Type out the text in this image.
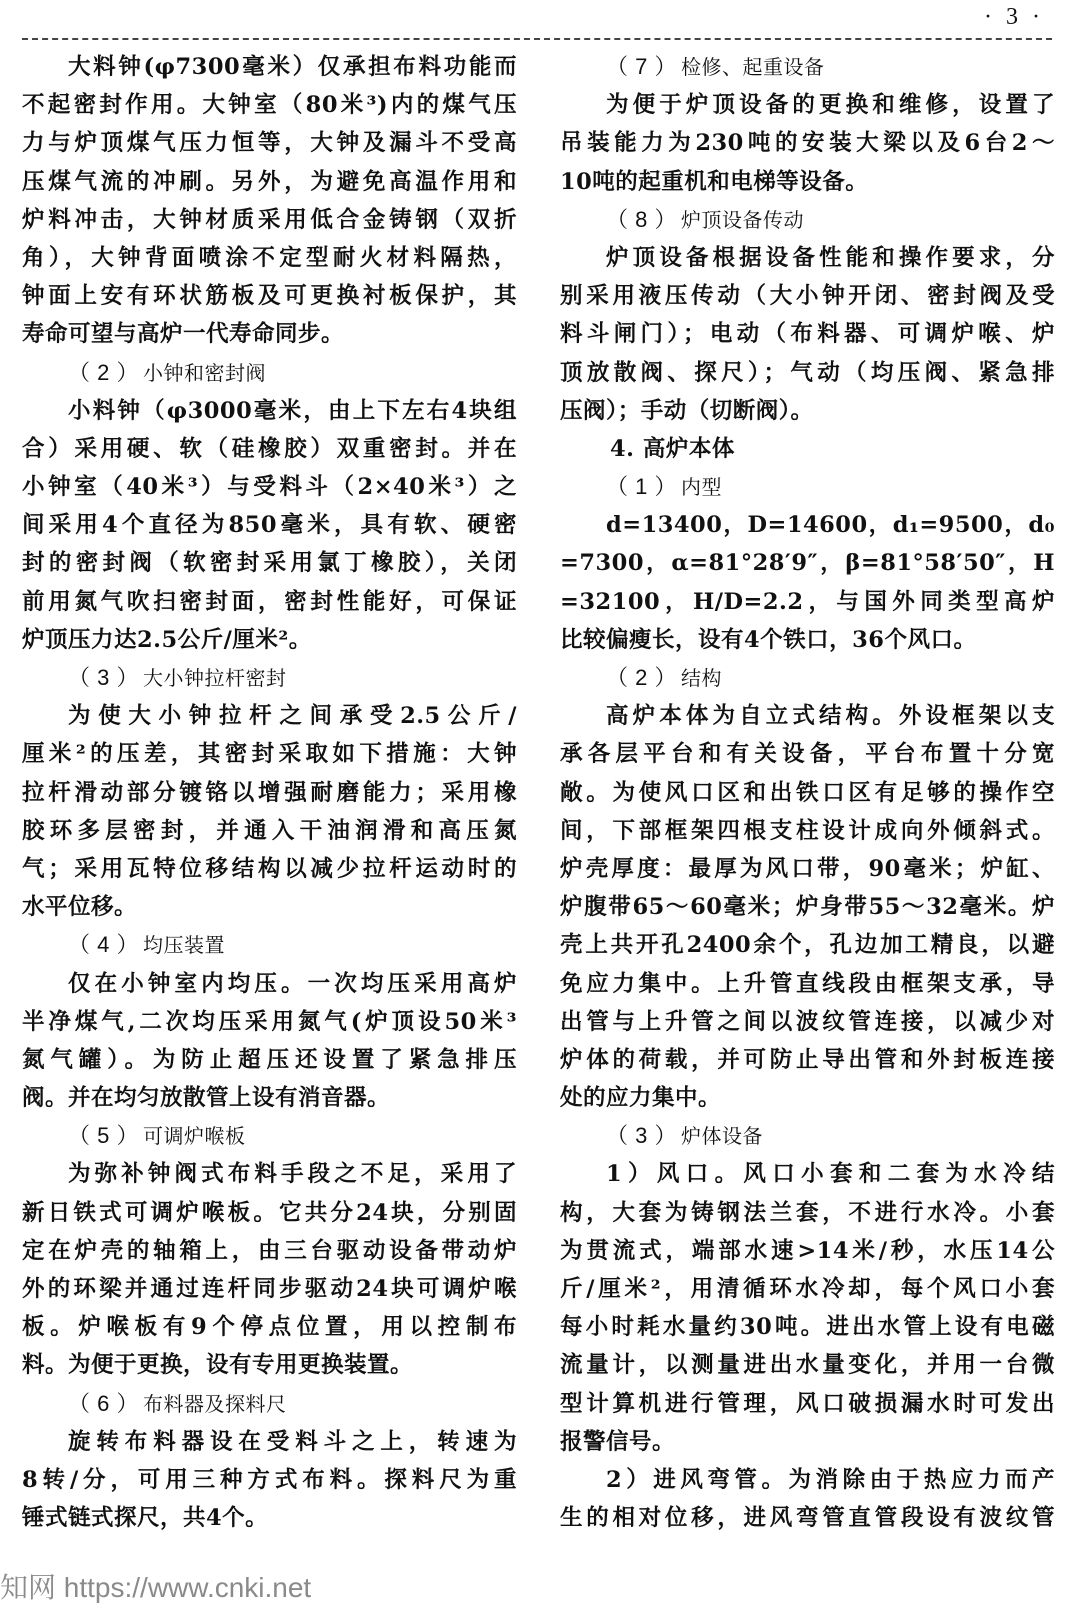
· 3 ·
大料钟(φ7300毫米）仅承担布料功能而
不起密封作用。大钟室（80米³)内的煤气压
力与炉顶煤气压力恒等，大钟及漏斗不受高
压煤气流的冲刷。另外，为避免高温作用和
炉料冲击，大钟材质采用低合金铸钢（双折
角），大钟背面喷涂不定型耐火材料隔热，
钟面上安有环状筋板及可更换衬板保护，其
寿命可望与高炉一代寿命同步。
（ 2 ） 小钟和密封阀
小料钟（φ3000毫米，由上下左右4块组
合）采用硬、软（硅橡胶）双重密封。并在
小钟室（40米³）与受料斗（2×40米³）之
间采用4个直径为850毫米，具有软、硬密
封的密封阀（软密封采用氯丁橡胶），关闭
前用氮气吹扫密封面，密封性能好，可保证
炉顶压力达2.5公斤/厘米²。
（ 3 ） 大小钟拉杆密封
为使大小钟拉杆之间承受2.5公斤/
厘米²的压差，其密封采取如下措施：大钟
拉杆滑动部分镀铬以增强耐磨能力；采用橡
胶环多层密封，并通入干油润滑和高压氮
气；采用瓦特位移结构以减少拉杆运动时的
水平位移。
（ 4 ） 均压装置
仅在小钟室内均压。一次均压采用高炉
半净煤气,二次均压采用氮气(炉顶设50米³
氮气罐）。为防止超压还设置了紧急排压
阀。并在均匀放散管上设有消音器。
（ 5 ） 可调炉喉板
为弥补钟阀式布料手段之不足，采用了
新日铁式可调炉喉板。它共分24块，分别固
定在炉壳的轴箱上，由三台驱动设备带动炉
外的环梁并通过连杆同步驱动24块可调炉喉
板。炉喉板有9个停点位置，用以控制布
料。为便于更换，设有专用更换装置。
（ 6 ） 布料器及探料尺
旋转布料器设在受料斗之上，转速为
8转/分，可用三种方式布料。探料尺为重
锤式链式探尺，共4个。
（ 7 ） 检修、起重设备
为便于炉顶设备的更换和维修，设置了
吊装能力为230吨的安装大梁以及6台2～
10吨的起重机和电梯等设备。
（ 8 ） 炉顶设备传动
炉顶设备根据设备性能和操作要求，分
别采用液压传动（大小钟开闭、密封阀及受
料斗闸门）；电动（布料器、可调炉喉、炉
顶放散阀、探尺）；气动（均压阀、紧急排
压阀）；手动（切断阀）。
4. 高炉本体
（ 1 ） 内型
d=13400，D=14600，d₁=9500，d₀
=7300，α=81°28′9″，β=81°58′50″，H
=32100，H/D=2.2，与国外同类型高炉
比较偏瘦长，设有4个铁口，36个风口。
（ 2 ） 结构
高炉本体为自立式结构。外设框架以支
承各层平台和有关设备，平台布置十分宽
敞。为使风口区和出铁口区有足够的操作空
间，下部框架四根支柱设计成向外倾斜式。
炉壳厚度：最厚为风口带，90毫米；炉缸、
炉腹带65～60毫米；炉身带55～32毫米。炉
壳上共开孔2400余个，孔边加工精良，以避
免应力集中。上升管直线段由框架支承，导
出管与上升管之间以波纹管连接，以减少对
炉体的荷载，并可防止导出管和外封板连接
处的应力集中。
（ 3 ） 炉体设备
1）风口。风口小套和二套为水冷结
构，大套为铸钢法兰套，不进行水冷。小套
为贯流式，端部水速>14米/秒，水压14公
斤/厘米²，用清循环水冷却，每个风口小套
每小时耗水量约30吨。进出水管上设有电磁
流量计，以测量进出水量变化，并用一台微
型计算机进行管理，风口破损漏水时可发出
报警信号。
2）进风弯管。为消除由于热应力而产
生的相对位移，进风弯管直管段设有波纹管
知网 https://www.cnki.net
